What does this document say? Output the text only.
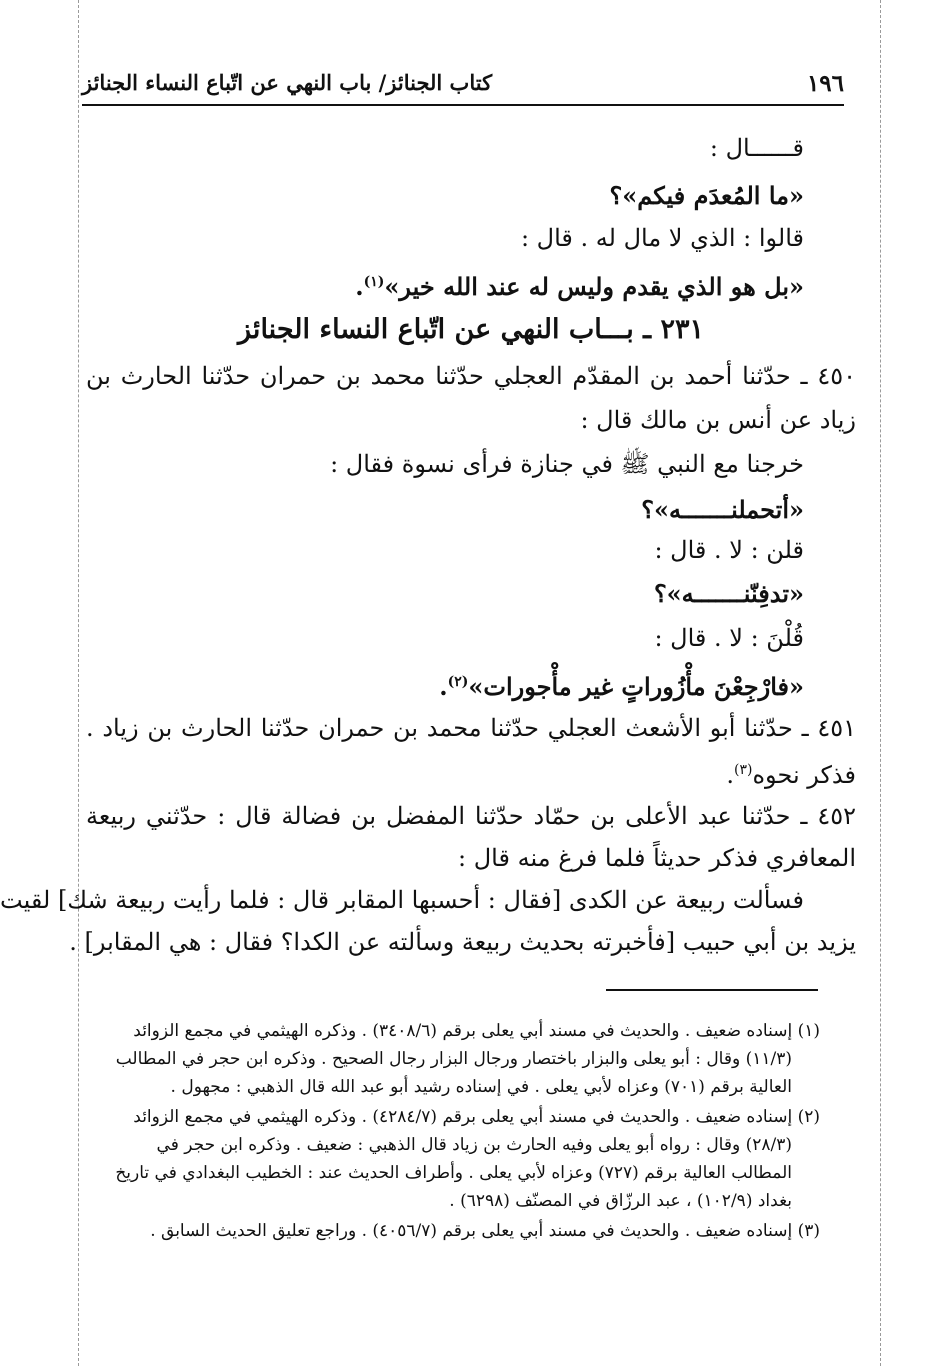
١٩٦
كتاب الجنائز/ باب النهي عن اتّباع النساء الجنائز
قــــــال :
«ما المُعدَم فيكم»؟
قالوا : الذي لا مال له . قال :
«بل هو الذي يقدم وليس له عند الله خير»$^{(١)}$.
٢٣١ ـ بـــاب النهي عن اتّباع النساء الجنائز
٤٥٠ ـ حدّثنا أحمد بن المقدّم العجلي حدّثنا محمد بن حمران حدّثنا الحارث بن
زياد عن أنس بن مالك قال :
خرجنا مع النبي ﷺ في جنازة فرأى نسوة فقال :
«أتحملنـــــــه»؟
قلن : لا . قال :
«تدفِنّنـــــــه»؟
قُلْنَ : لا . قال :
«فارْجِعْنَ مأْزُوراتٍ غير مأْجورات»$^{(٢)}$.
٤٥١ ـ حدّثنا أبو الأشعث العجلي حدّثنا محمد بن حمران حدّثنا الحارث بن زياد .
فذكر نحوه$^{(٣)}$.
٤٥٢ ـ حدّثنا عبد الأعلى بن حمّاد حدّثنا المفضل بن فضالة قال : حدّثني ربيعة
المعافري فذكر حديثاً فلما فرغ منه قال :
فسألت ربيعة عن الكدى [فقال : أحسبها المقابر قال : فلما رأيت ربيعة شك] لقيت
يزيد بن أبي حبيب [فأخبرته بحديث ربيعة وسألته عن الكدا؟ فقال : هي المقابر] .
(١) إسناده ضعيف . والحديث في مسند أبي يعلى برقم (٣٤٠٨/٦) . وذكره الهيثمي في مجمع الزوائد
(١١/٣) وقال : أبو يعلى والبزار باختصار ورجال البزار رجال الصحيح . وذكره ابن حجر في المطالب
العالية برقم (٧٠١) وعزاه لأبي يعلى . في إسناده رشيد أبو عبد الله قال الذهبي : مجهول .
(٢) إسناده ضعيف . والحديث في مسند أبي يعلى برقم (٤٢٨٤/٧) . وذكره الهيثمي في مجمع الزوائد
(٢٨/٣) وقال : رواه أبو يعلى وفيه الحارث بن زياد قال الذهبي : ضعيف . وذكره ابن حجر في
المطالب العالية برقم (٧٢٧) وعزاه لأبي يعلى . وأطراف الحديث عند : الخطيب البغدادي في تاريخ
بغداد (١٠٢/٩) ، عبد الرزّاق في المصنّف (٦٢٩٨) .
(٣) إسناده ضعيف . والحديث في مسند أبي يعلى برقم (٤٠٥٦/٧) . وراجع تعليق الحديث السابق .
